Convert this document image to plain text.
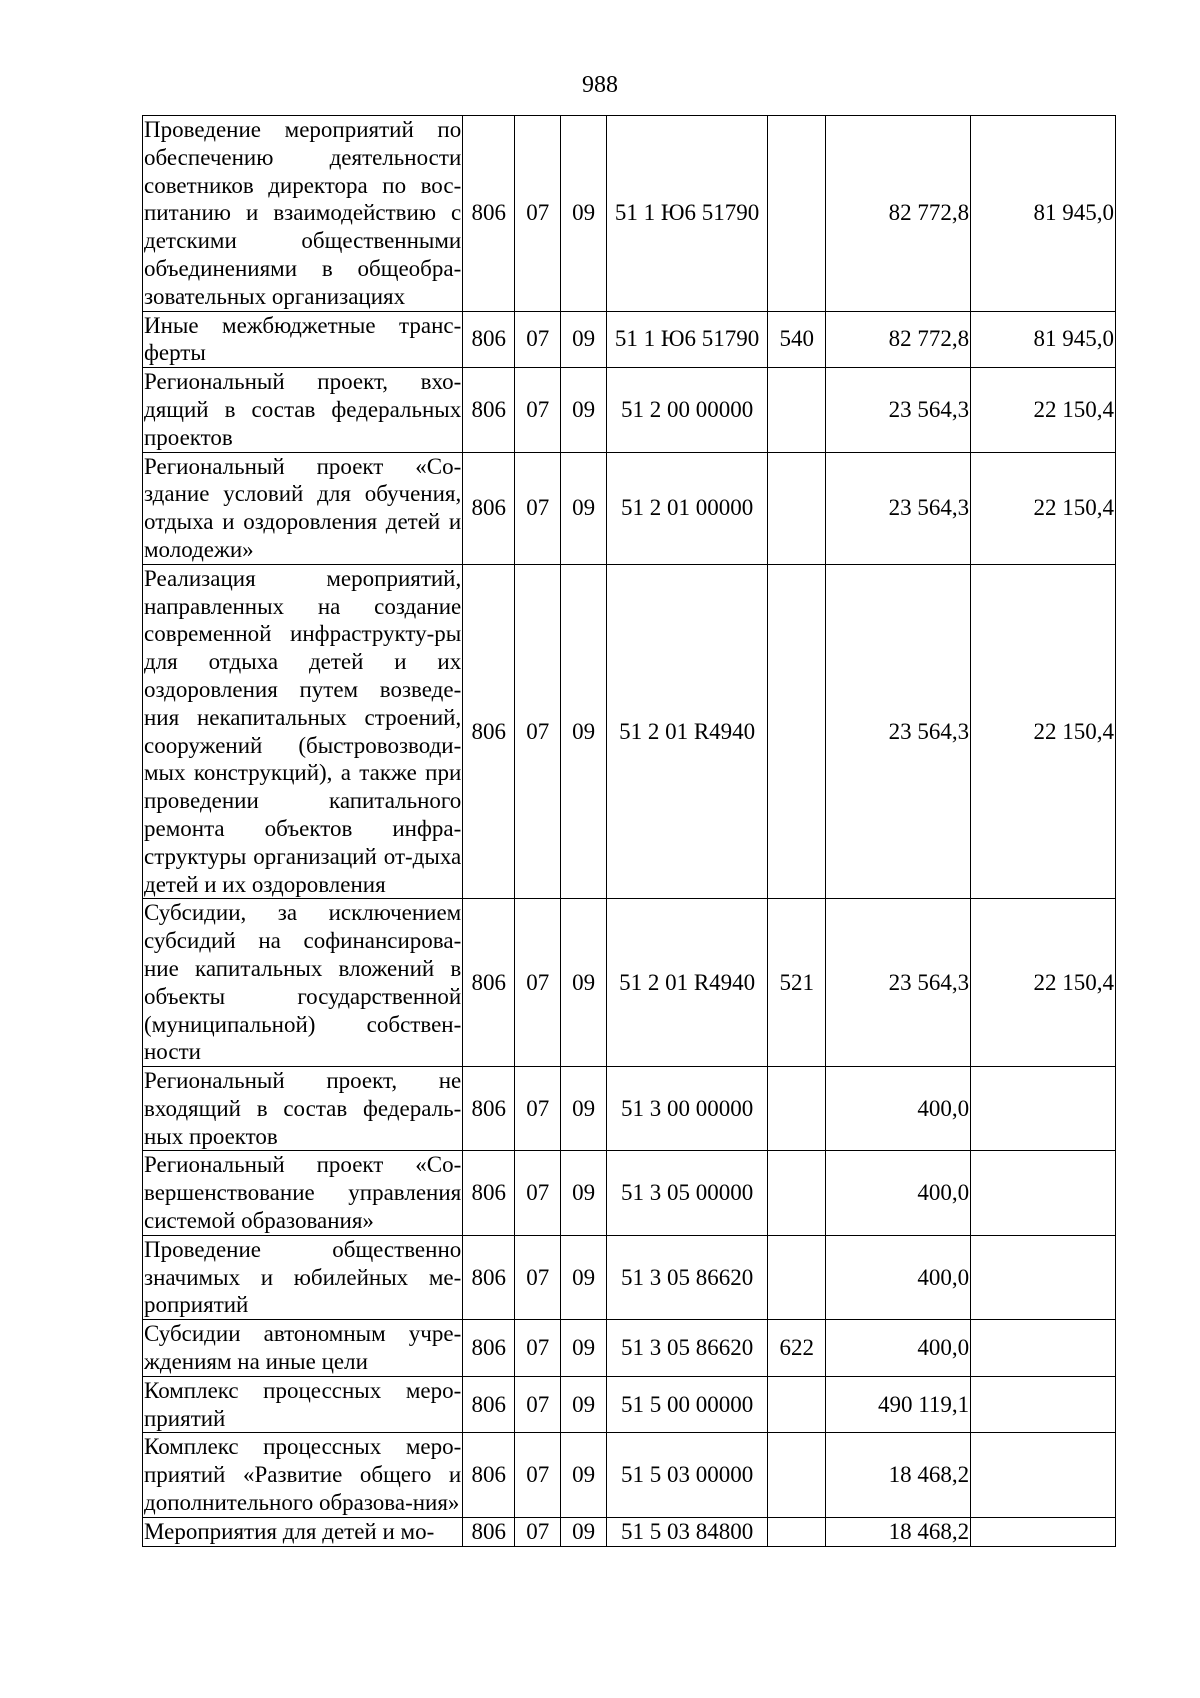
988
Проведение мероприятий по обеспечению деятельности советников директора по вос-питанию и взаимодействию с детскими общественными объединениями в общеобра-зовательных организациях	806	07	09	51 1 Ю6 51790		82 772,8	81 945,0
Иные межбюджетные транс-ферты	806	07	09	51 1 Ю6 51790	540	82 772,8	81 945,0
Региональный проект, вхо-дящий в состав федеральных проектов	806	07	09	51 2 00 00000		23 564,3	22 150,4
Региональный проект «Со-здание условий для обучения, отдыха и оздоровления детей и молодежи»	806	07	09	51 2 01 00000		23 564,3	22 150,4
Реализация мероприятий, направленных на создание современной инфраструкту-ры для отдыха детей и их оздоровления путем возведе-ния некапитальных строений, сооружений (быстровозводи-мых конструкций), а также при проведении капитального ремонта объектов инфра-структуры организаций от-дыха детей и их оздоровления	806	07	09	51 2 01 R4940		23 564,3	22 150,4
Субсидии, за исключением субсидий на софинансирова-ние капитальных вложений в объекты государственной (муниципальной) собствен-ности	806	07	09	51 2 01 R4940	521	23 564,3	22 150,4
Региональный проект, не входящий в состав федераль-ных проектов	806	07	09	51 3 00 00000		400,0	
Региональный проект «Со-вершенствование управления системой образования»	806	07	09	51 3 05 00000		400,0	
Проведение общественно значимых и юбилейных ме-роприятий	806	07	09	51 3 05 86620		400,0	
Субсидии автономным учре-ждениям на иные цели	806	07	09	51 3 05 86620	622	400,0	
Комплекс процессных меро-приятий	806	07	09	51 5 00 00000		490 119,1	
Комплекс процессных меро-приятий «Развитие общего и дополнительного образова-ния»	806	07	09	51 5 03 00000		18 468,2	
Мероприятия для детей и мо-	806	07	09	51 5 03 84800		18 468,2	
